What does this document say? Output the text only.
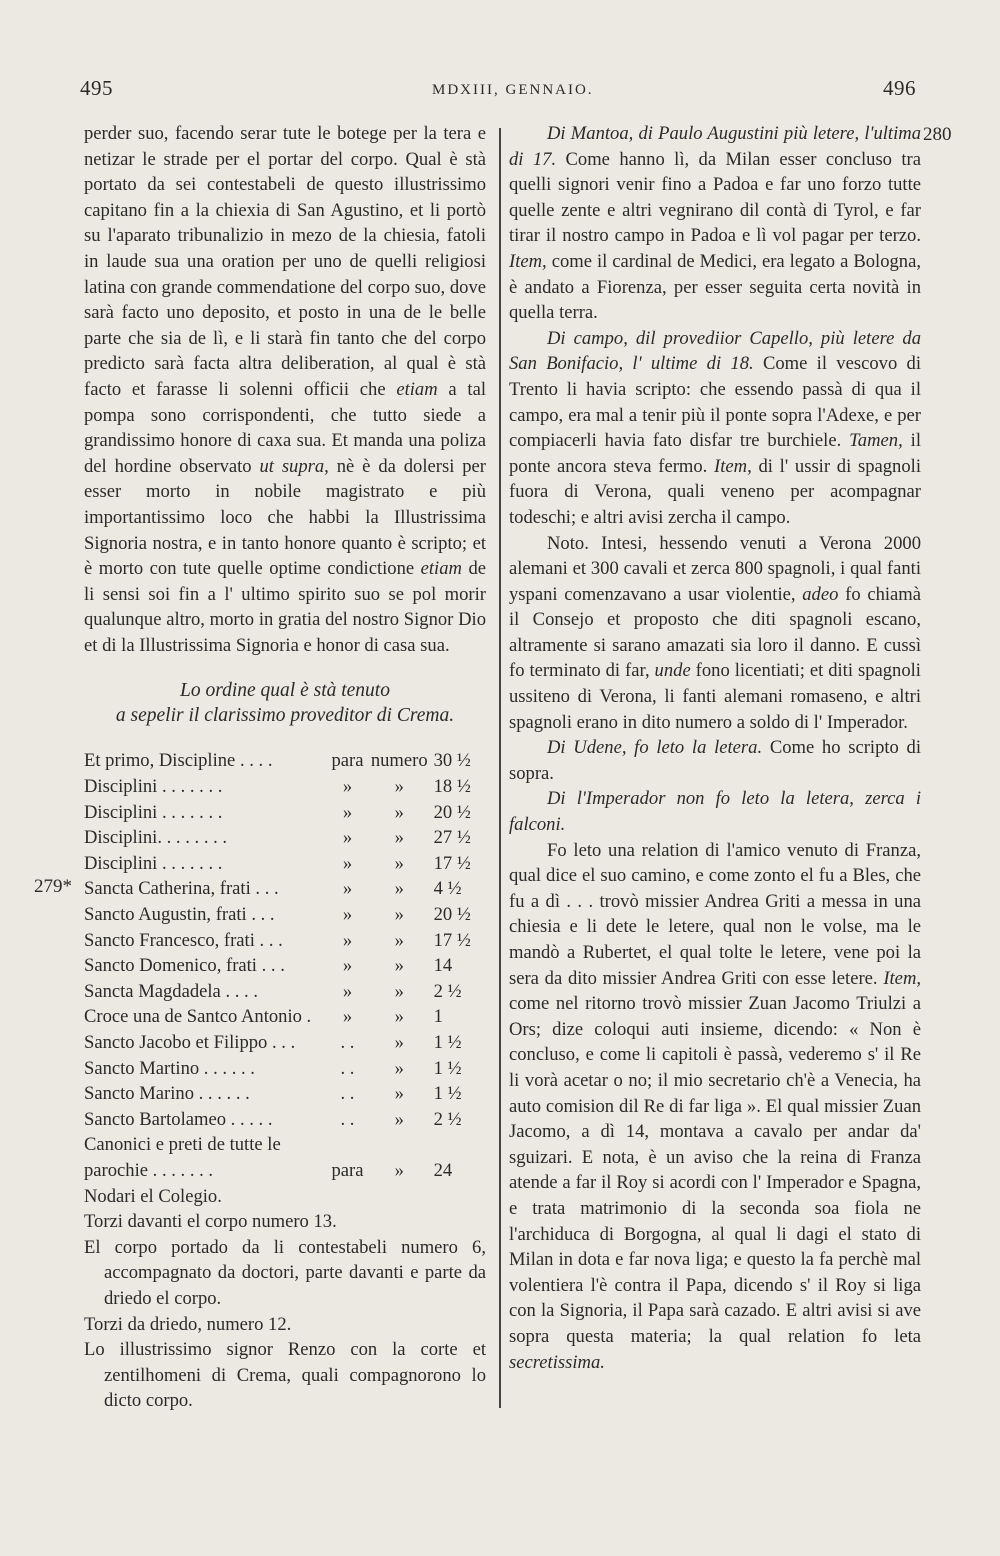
495	MDXIII, GENNAIO.	496
280
279*

perder suo, facendo serar tute le botege per la tera e netizar le strade per el portar del corpo. Qual è stà portato da sei contestabeli de questo illustrissimo capitano fin a la chiexia di San Agustino, et li portò su l'aparato tribunalizio in mezo de la chiesia, fatoli in laude sua una oration per uno de quelli religiosi latina con grande commendatione del corpo suo, dove sarà facto uno deposito, et posto in una de le belle parte che sia de lì, e li starà fin tanto che del corpo predicto sarà facta altra deliberation, al qual è stà facto et farasse li solenni officii che etiam a tal pompa sono corrispondenti, che tutto siede a grandissimo honore di caxa sua. Et manda una poliza del hordine observato ut supra, nè è da dolersi per esser morto in nobile magistrato e più importantissimo loco che habbi la Illustrissima Signoria nostra, e in tanto honore quanto è scripto; et è morto con tute quelle optime condictione etiam de li sensi soi fin a l' ultimo spirito suo se pol morir qualunque altro, morto in gratia del nostro Signor Dio et di la Illustrissima Signoria e honor di casa sua.

Lo ordine qual è stà tenuto
a sepelir il clarissimo proveditor di Crema.
Et primo, Discipline . . . .	para	numero	30 ½
Disciplini . . . . . . .	»	»	18 ½
Disciplini . . . . . . .	»	»	20 ½
Disciplini. . . . . . . .	»	»	27 ½
Disciplini . . . . . . .	»	»	17 ½
Sancta Catherina, frati . . .	»	»	4 ½
Sancto Augustin, frati . . .	»	»	20 ½
Sancto Francesco, frati . . .	»	»	17 ½
Sancto Domenico, frati . . .	»	»	14
Sancta Magdadela . . . .	»	»	2 ½
Croce una de Santco Antonio .	»	»	1
Sancto Jacobo et Filippo . . .	. .	»	1 ½
Sancto Martino . . . . . .	. .	»	1 ½
Sancto Marino . . . . . .	. .	»	1 ½
Sancto Bartolameo . . . . .	. .	»	2 ½
Canonici e preti de tutte le parochie . . . . . . .	para	»	24

Nodari el Colegio.

Torzi davanti el corpo numero 13.

El corpo portado da li contestabeli numero 6, accompagnato da doctori, parte davanti e parte da driedo el corpo.

Torzi da driedo, numero 12.

Lo illustrissimo signor Renzo con la corte et zentilhomeni di Crema, quali compagnorono lo dicto corpo.

Di Mantoa, di Paulo Augustini più letere, l'ultima di 17. Come hanno lì, da Milan esser concluso tra quelli signori venir fino a Padoa e far uno forzo tutte quelle zente e altri vegnirano dil contà di Tyrol, e far tirar il nostro campo in Padoa e lì vol pagar per terzo. Item, come il cardinal de Medici, era legato a Bologna, è andato a Fiorenza, per esser seguita certa novità in quella terra.

Di campo, dil provediior Capello, più letere da San Bonifacio, l' ultime di 18. Come il vescovo di Trento li havia scripto: che essendo passà di qua il campo, era mal a tenir più il ponte sopra l'Adexe, e per compiacerli havia fato disfar tre burchiele. Tamen, il ponte ancora steva fermo. Item, di l' ussir di spagnoli fuora di Verona, quali veneno per acompagnar todeschi; e altri avisi zercha il campo.

Noto. Intesi, hessendo venuti a Verona 2000 alemani et 300 cavali et zerca 800 spagnoli, i qual fanti yspani comenzavano a usar violentie, adeo fo chiamà il Consejo et proposto che diti spagnoli escano, altramente si sarano amazati sia loro il danno. E cussì fo terminato di far, unde fono licentiati; et diti spagnoli ussiteno di Verona, li fanti alemani romaseno, e altri spagnoli erano in dito numero a soldo di l' Imperador.

Di Udene, fo leto la letera. Come ho scripto di sopra.

Di l'Imperador non fo leto la letera, zerca i falconi.

Fo leto una relation di l'amico venuto di Franza, qual dice el suo camino, e come zonto el fu a Bles, che fu a dì . . . trovò missier Andrea Griti a messa in una chiesia e li dete le letere, qual non le volse, ma le mandò a Rubertet, el qual tolte le letere, vene poi la sera da dito missier Andrea Griti con esse letere. Item, come nel ritorno trovò missier Zuan Jacomo Triulzi a Ors; dize coloqui auti insieme, dicendo: « Non è concluso, e come li capitoli è passà, vederemo s' il Re li vorà acetar o no; il mio secretario ch'è a Venecia, ha auto comision dil Re di far liga ». El qual missier Zuan Jacomo, a dì 14, montava a cavalo per andar da' sguizari. E nota, è un aviso che la reina di Franza atende a far il Roy si acordi con l' Imperador e Spagna, e trata matrimonio di la seconda soa fiola ne l'archiduca di Borgogna, al qual li dagi el stato di Milan in dota e far nova liga; e questo la fa perchè mal volentiera l'è contra il Papa, dicendo s' il Roy si liga con la Signoria, il Papa sarà cazado. E altri avisi si ave sopra questa materia; la qual relation fo leta secretissima.
